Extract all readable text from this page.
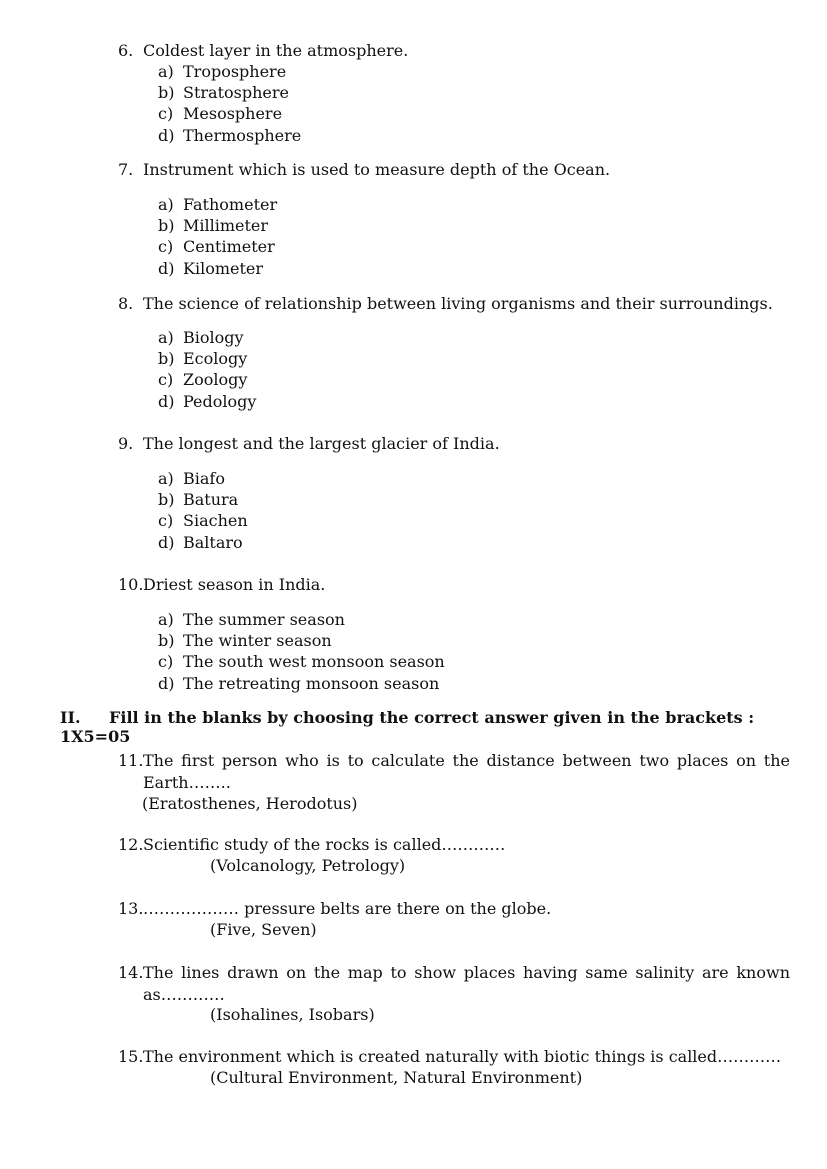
6. Coldest layer in the atmosphere.
a) Troposphere
b) Stratosphere
c) Mesosphere
d) Thermosphere
7. Instrument which is used to measure depth of the Ocean.
a) Fathometer
b) Millimeter
c) Centimeter
d) Kilometer
8. The science of relationship between living organisms and their surroundings.
a) Biology
b) Ecology
c) Zoology
d) Pedology
9. The longest and the largest glacier of India.
a) Biafo
b) Batura
c) Siachen
d) Baltaro
10.Driest season in India.
a) The summer season
b) The winter season
c) The south west monsoon season
d) The retreating monsoon season
II. Fill in the blanks by choosing the correct answer given in the brackets : 1X5=05
11. The first person who is to calculate the distance between two places on the Earth……..
(Eratosthenes, Herodotus)
12. Scientific study of the rocks is called…………
(Volcanology, Petrology)
13. ……………… pressure belts are there on the globe.
(Five, Seven)
14. The lines drawn on the map to show places having same salinity are known as…………
(Isohalines, Isobars)
15. The environment which is created naturally with biotic things is called…………
(Cultural Environment, Natural Environment)
